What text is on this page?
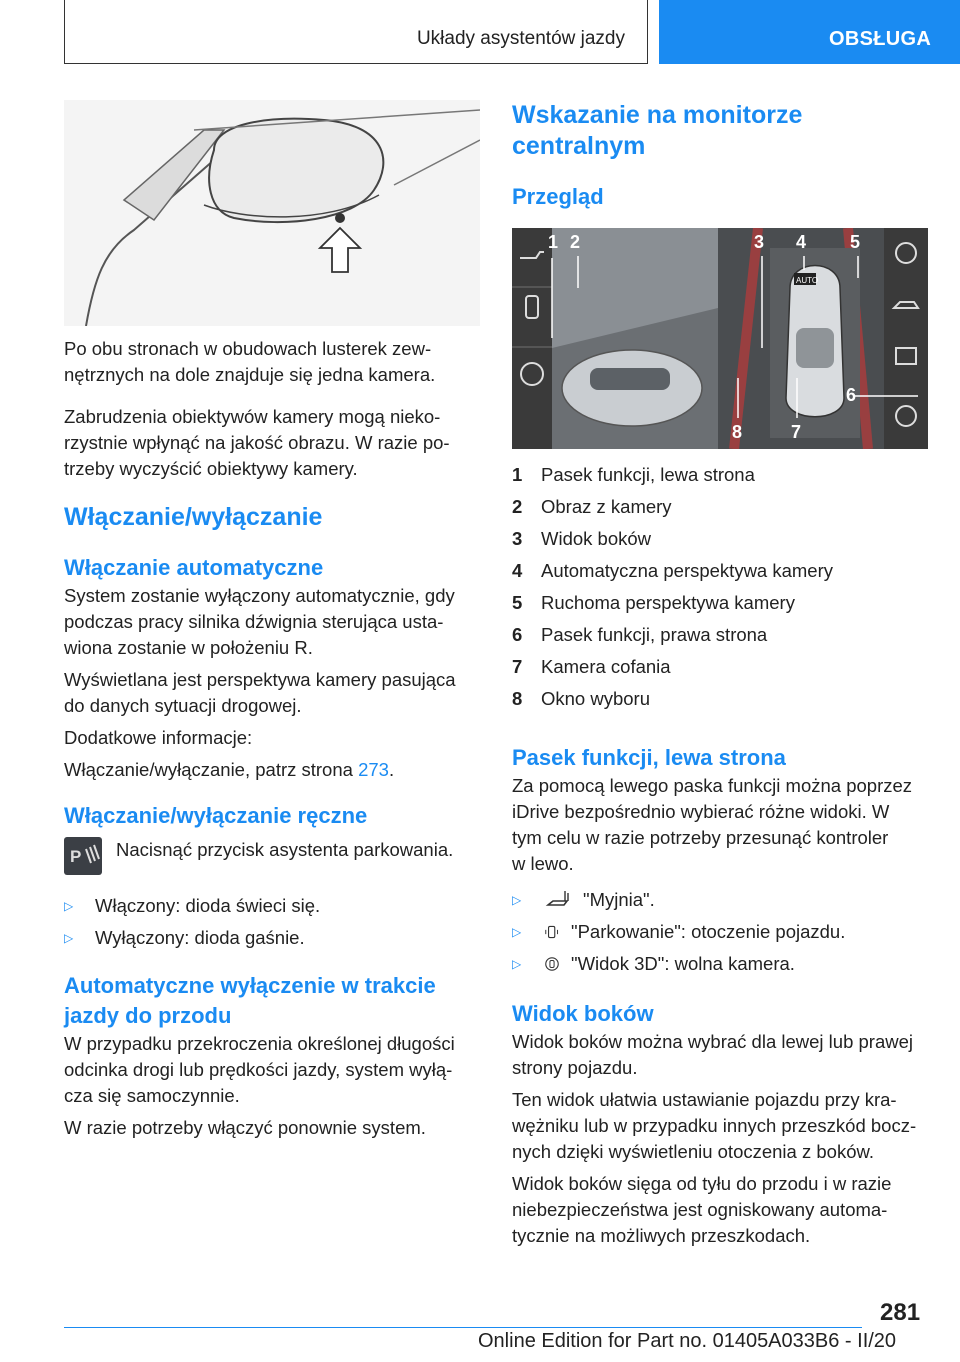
Układy asystentów jazdy	OBSŁUGA

Po obu stronach w obudowach lusterek zew-

nętrznych na dole znajduje się jedna kamera.

Zabrudzenia obiektywów kamery mogą nieko-

rzystnie wpłynąć na jakość obrazu. W razie po-

trzeby wyczyścić obiektywy kamery.

Włączanie/wyłączanie
Włączanie automatyczne

System zostanie wyłączony automatycznie, gdy

podczas pracy silnika dźwignia sterująca usta-

wiona zostanie w położeniu R.

Wyświetlana jest perspektywa kamery pasująca

do danych sytuacji drogowej.

Dodatkowe informacje:

Włączanie/wyłączanie, patrz strona 273.

Włączanie/wyłączanie ręczne
P Nacisnąć przycisk asystenta parkowania.

▷	Włączony: dioda świeci się.
▷	Wyłączony: dioda gaśnie.
Automatyczne wyłączenie w trakcie
jazdy do przodu

W przypadku przekroczenia określonej długości

odcinka drogi lub prędkości jazdy, system wyłą-

cza się samoczynnie.

W razie potrzeby włączyć ponownie system.

Wskazanie na monitorze
centralnym
Przegląd
AUTO
1 2	3 4 5
6
7
8
1	Pasek funkcji, lewa strona
2	Obraz z kamery
3	Widok boków
4	Automatyczna perspektywa kamery
5	Ruchoma perspektywa kamery
6	Pasek funkcji, prawa strona
7	Kamera cofania
8	Okno wyboru
Pasek funkcji, lewa strona

Za pomocą lewego paska funkcji można poprzez

iDrive bezpośrednio wybierać różne widoki. W

tym celu w razie potrzeby przesunąć kontroler

w lewo.

▷	"Myjnia".
▷	"Parkowanie": otoczenie pojazdu.
▷	"Widok 3D": wolna kamera.
Widok boków

Widok boków można wybrać dla lewej lub prawej

strony pojazdu.

Ten widok ułatwia ustawianie pojazdu przy kra-

wężniku lub w przypadku innych przeszkód bocz-

nych dzięki wyświetleniu otoczenia z boków.

Widok boków sięga od tyłu do przodu i w razie

niebezpieczeństwa jest ogniskowany automa-

tycznie na możliwych przeszkodach.

281
Online Edition for Part no. 01405A033B6 - II/20
